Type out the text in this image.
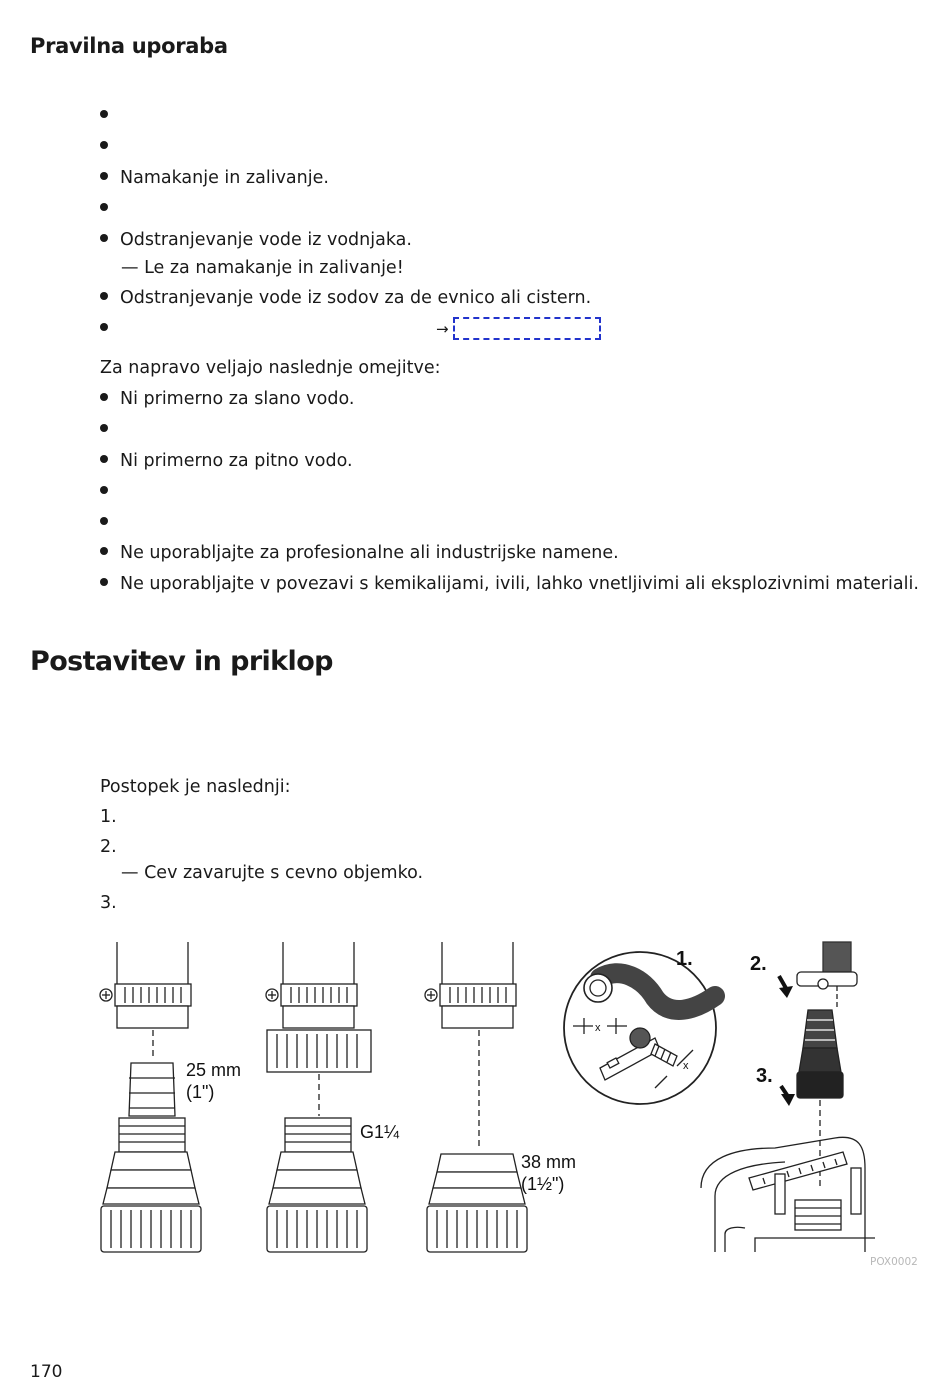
Pravilna uporaba
Namakanje in zalivanje.
Odstranjevanje vode iz vodnjaka.
— Le za namakanje in zalivanje!
Odstranjevanje vode iz sodov za de evnico ali cistern.
→
Za napravo veljajo naslednje omejitve:
Ni primerno za slano vodo.
Ni primerno za pitno vodo.
Ne uporabljajte za profesionalne ali industrijske namene.
Ne uporabljajte v povezavi s kemikalijami, ivili, lahko vnetljivimi ali eksplozivnimi materiali.
Postavitev in priklop
Postopek je naslednji:
1.
2.
— Cev zavarujte s cevno objemko.
3.
25 mm
(1")
G1¼
38 mm
(1½")
x
x
1.	2.
3.
POX0002
170
